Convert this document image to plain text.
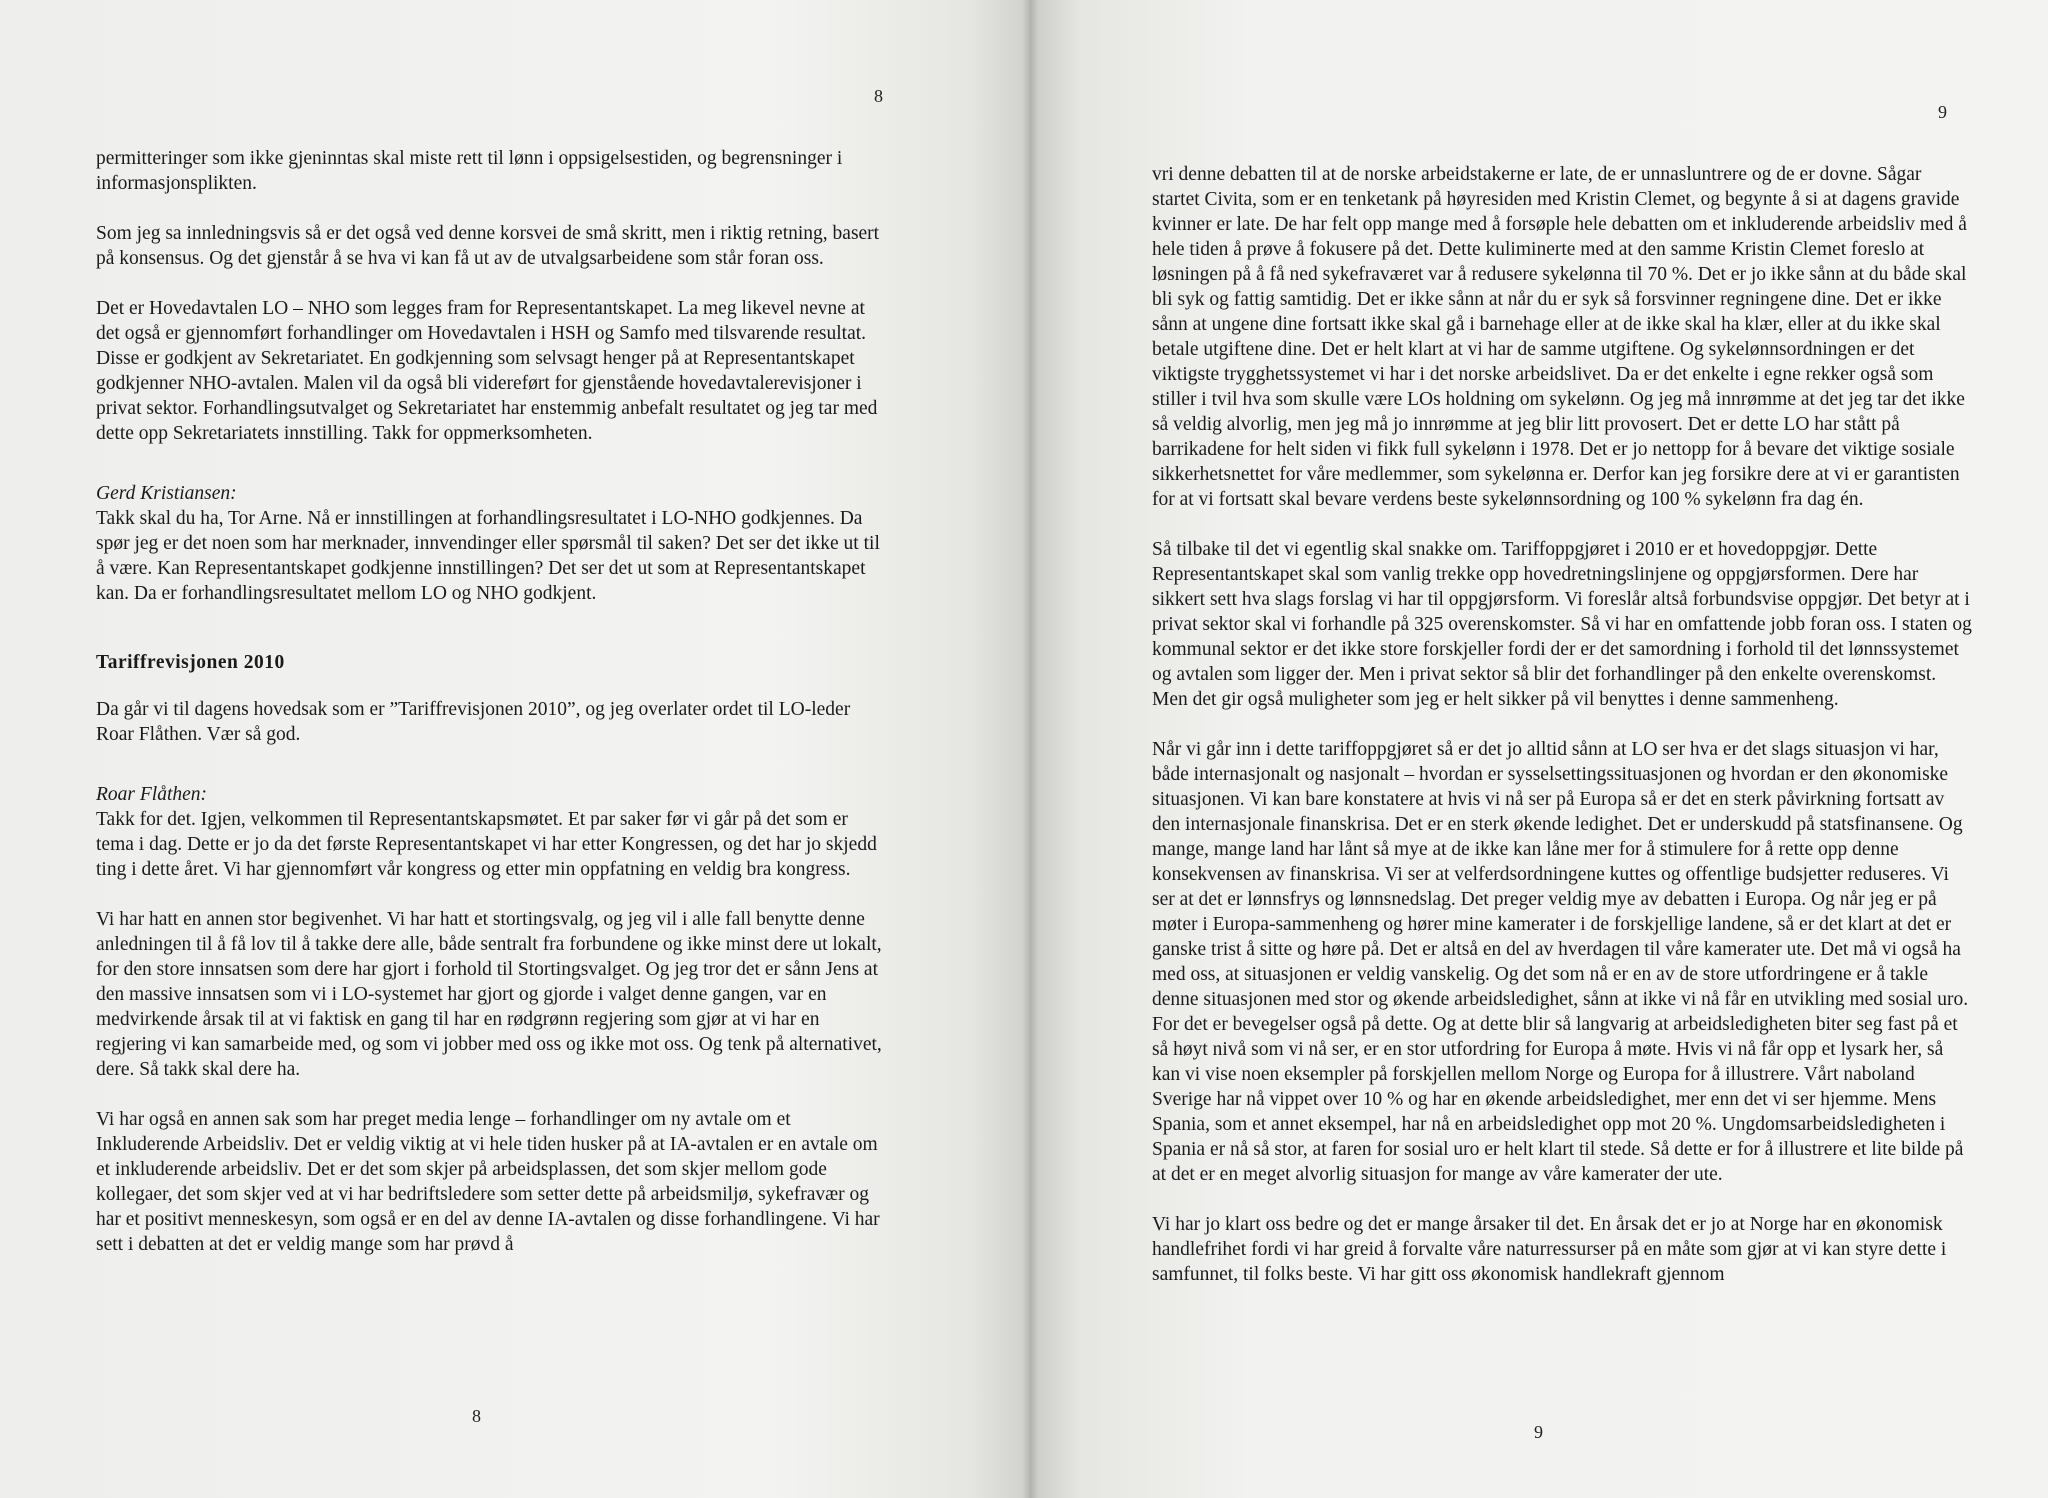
8

permitteringer som ikke gjeninntas skal miste rett til lønn i oppsigelsestiden, og begrensninger i informasjonsplikten.

Som jeg sa innledningsvis så er det også ved denne korsvei de små skritt, men i riktig retning, basert på konsensus. Og det gjenstår å se hva vi kan få ut av de utvalgsarbeidene som står foran oss.

Det er Hovedavtalen LO – NHO som legges fram for Representantskapet. La meg likevel nevne at det også er gjennomført forhandlinger om Hovedavtalen i HSH og Samfo med tilsvarende resultat. Disse er godkjent av Sekretariatet. En godkjenning som selvsagt henger på at Representantskapet godkjenner NHO-avtalen. Malen vil da også bli videreført for gjenstående hovedavtalerevisjoner i privat sektor. Forhandlingsutvalget og Sekretariatet har enstemmig anbefalt resultatet og jeg tar med dette opp Sekretariatets innstilling. Takk for oppmerksomheten.

Gerd Kristiansen:

Takk skal du ha, Tor Arne. Nå er innstillingen at forhandlingsresultatet i LO-NHO godkjennes. Da spør jeg er det noen som har merknader, innvendinger eller spørsmål til saken? Det ser det ikke ut til å være. Kan Representantskapet godkjenne innstillingen? Det ser det ut som at Representantskapet kan. Da er forhandlingsresultatet mellom LO og NHO godkjent.

Tariffrevisjonen 2010

Da går vi til dagens hovedsak som er ”Tariffrevisjonen 2010”, og jeg overlater ordet til LO-leder Roar Flåthen. Vær så god.

Roar Flåthen:

Takk for det. Igjen, velkommen til Representantskapsmøtet. Et par saker før vi går på det som er tema i dag. Dette er jo da det første Representantskapet vi har etter Kongressen, og det har jo skjedd ting i dette året. Vi har gjennomført vår kongress og etter min oppfatning en veldig bra kongress.

Vi har hatt en annen stor begivenhet. Vi har hatt et stortingsvalg, og jeg vil i alle fall benytte denne anledningen til å få lov til å takke dere alle, både sentralt fra forbundene og ikke minst dere ut lokalt, for den store innsatsen som dere har gjort i forhold til Stortingsvalget. Og jeg tror det er sånn Jens at den massive innsatsen som vi i LO-systemet har gjort og gjorde i valget denne gangen, var en medvirkende årsak til at vi faktisk en gang til har en rødgrønn regjering som gjør at vi har en regjering vi kan samarbeide med, og som vi jobber med oss og ikke mot oss. Og tenk på alternativet, dere. Så takk skal dere ha.

Vi har også en annen sak som har preget media lenge – forhandlinger om ny avtale om et Inkluderende Arbeidsliv. Det er veldig viktig at vi hele tiden husker på at IA-avtalen er en avtale om et inkluderende arbeidsliv. Det er det som skjer på arbeidsplassen, det som skjer mellom gode kollegaer, det som skjer ved at vi har bedriftsledere som setter dette på arbeidsmiljø, sykefravær og har et positivt menneskesyn, som også er en del av denne IA-avtalen og disse forhandlingene. Vi har sett i debatten at det er veldig mange som har prøvd å

8
9

vri denne debatten til at de norske arbeidstakerne er late, de er unnasluntrere og de er dovne. Sågar startet Civita, som er en tenketank på høyresiden med Kristin Clemet, og begynte å si at dagens gravide kvinner er late. De har felt opp mange med å forsøple hele debatten om et inkluderende arbeidsliv med å hele tiden å prøve å fokusere på det. Dette kuliminerte med at den samme Kristin Clemet foreslo at løsningen på å få ned sykefraværet var å redusere sykelønna til 70 %. Det er jo ikke sånn at du både skal bli syk og fattig samtidig. Det er ikke sånn at når du er syk så forsvinner regningene dine. Det er ikke sånn at ungene dine fortsatt ikke skal gå i barnehage eller at de ikke skal ha klær, eller at du ikke skal betale utgiftene dine. Det er helt klart at vi har de samme utgiftene. Og sykelønnsordningen er det viktigste trygghetssystemet vi har i det norske arbeidslivet. Da er det enkelte i egne rekker også som stiller i tvil hva som skulle være LOs holdning om sykelønn. Og jeg må innrømme at det jeg tar det ikke så veldig alvorlig, men jeg må jo innrømme at jeg blir litt provosert. Det er dette LO har stått på barrikadene for helt siden vi fikk full sykelønn i 1978. Det er jo nettopp for å bevare det viktige sosiale sikkerhetsnettet for våre medlemmer, som sykelønna er. Derfor kan jeg forsikre dere at vi er garantisten for at vi fortsatt skal bevare verdens beste sykelønnsordning og 100 % sykelønn fra dag én.

Så tilbake til det vi egentlig skal snakke om. Tariffoppgjøret i 2010 er et hovedoppgjør. Dette Representantskapet skal som vanlig trekke opp hovedretningslinjene og oppgjørsformen. Dere har sikkert sett hva slags forslag vi har til oppgjørsform. Vi foreslår altså forbundsvise oppgjør. Det betyr at i privat sektor skal vi forhandle på 325 overenskomster. Så vi har en omfattende jobb foran oss. I staten og kommunal sektor er det ikke store forskjeller fordi der er det samordning i forhold til det lønnssystemet og avtalen som ligger der. Men i privat sektor så blir det forhandlinger på den enkelte overenskomst. Men det gir også muligheter som jeg er helt sikker på vil benyttes i denne sammenheng.

Når vi går inn i dette tariffoppgjøret så er det jo alltid sånn at LO ser hva er det slags situasjon vi har, både internasjonalt og nasjonalt – hvordan er sysselsettingssituasjonen og hvordan er den økonomiske situasjonen. Vi kan bare konstatere at hvis vi nå ser på Europa så er det en sterk påvirkning fortsatt av den internasjonale finanskrisa. Det er en sterk økende ledighet. Det er underskudd på statsfinansene. Og mange, mange land har lånt så mye at de ikke kan låne mer for å stimulere for å rette opp denne konsekvensen av finanskrisa. Vi ser at velferdsordningene kuttes og offentlige budsjetter reduseres. Vi ser at det er lønnsfrys og lønnsnedslag. Det preger veldig mye av debatten i Europa. Og når jeg er på møter i Europa-sammenheng og hører mine kamerater i de forskjellige landene, så er det klart at det er ganske trist å sitte og høre på. Det er altså en del av hverdagen til våre kamerater ute. Det må vi også ha med oss, at situasjonen er veldig vanskelig. Og det som nå er en av de store utfordringene er å takle denne situasjonen med stor og økende arbeidsledighet, sånn at ikke vi nå får en utvikling med sosial uro. For det er bevegelser også på dette. Og at dette blir så langvarig at arbeidsledigheten biter seg fast på et så høyt nivå som vi nå ser, er en stor utfordring for Europa å møte. Hvis vi nå får opp et lysark her, så kan vi vise noen eksempler på forskjellen mellom Norge og Europa for å illustrere. Vårt naboland Sverige har nå vippet over 10 % og har en økende arbeidsledighet, mer enn det vi ser hjemme. Mens Spania, som et annet eksempel, har nå en arbeidsledighet opp mot 20 %. Ungdomsarbeidsledigheten i Spania er nå så stor, at faren for sosial uro er helt klart til stede. Så dette er for å illustrere et lite bilde på at det er en meget alvorlig situasjon for mange av våre kamerater der ute.

Vi har jo klart oss bedre og det er mange årsaker til det. En årsak det er jo at Norge har en økonomisk handlefrihet fordi vi har greid å forvalte våre naturressurser på en måte som gjør at vi kan styre dette i samfunnet, til folks beste. Vi har gitt oss økonomisk handlekraft gjennom

9
